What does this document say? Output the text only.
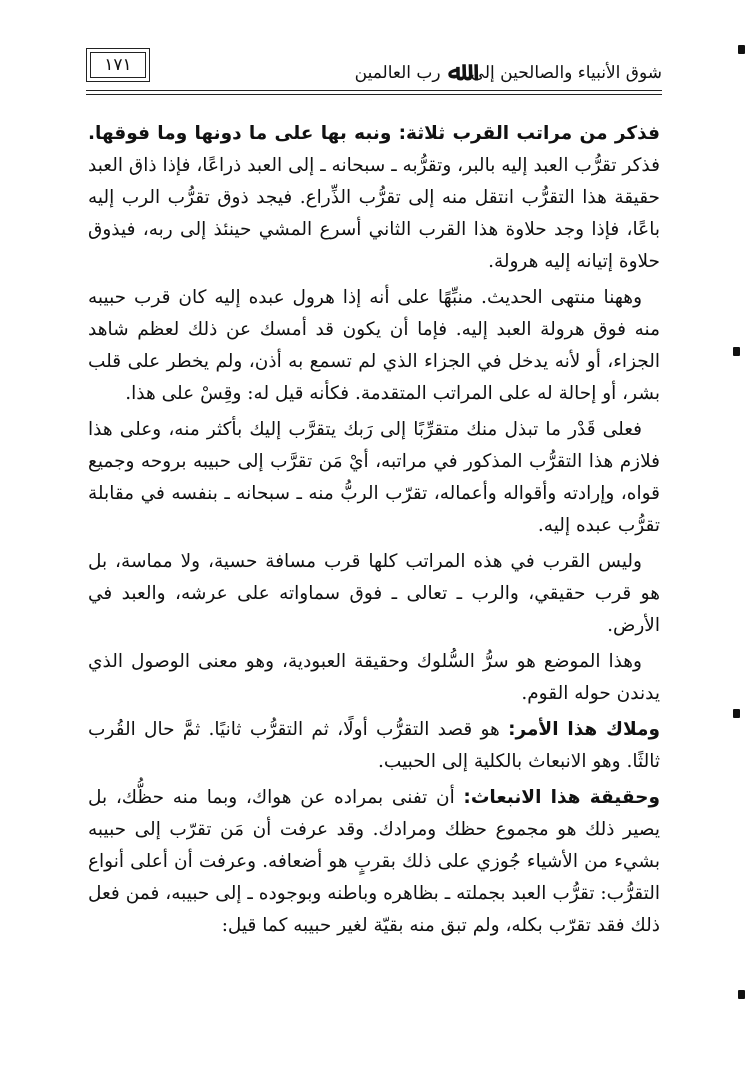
شوق الأنبياء والصالحين إلى ﷲ رب العالمين
١٧١

فذكر من مراتب القرب ثلاثة: ونبه بها على ما دونها وما فوقها. فذكر تقرُّب العبد إليه بالبر، وتقرُّبه ـ سبحانه ـ إلى العبد ذراعًا، فإذا ذاق العبد حقيقة هذا التقرُّب انتقل منه إلى تقرُّب الذِّراع. فيجد ذوق تقرُّب الرب إليه باعًا، فإذا وجد حلاوة هذا القرب الثاني أسرع المشي حينئذ إلى ربه، فيذوق حلاوة إتيانه إليه هرولة.

وههنا منتهى الحديث. منبِّهًا على أنه إذا هرول عبده إليه كان قرب حبيبه منه فوق هرولة العبد إليه. فإما أن يكون قد أمسك عن ذلك لعظم شاهد الجزاء، أو لأنه يدخل في الجزاء الذي لم تسمع به أذن، ولم يخطر على قلب بشر، أو إحالة له على المراتب المتقدمة. فكأنه قيل له: وقِسْ على هذا.

فعلى قَدْر ما تبذل منك متقرِّبًا إلى رَبك يتقرَّب إليك بأكثر منه، وعلى هذا فلازم هذا التقرُّب المذكور في مراتبه، أيْ مَن تقرَّب إلى حبيبه بروحه وجميع قواه، وإرادته وأقواله وأعماله، تقرّب الربُّ منه ـ سبحانه ـ بنفسه في مقابلة تقرُّب عبده إليه.

وليس القرب في هذه المراتب كلها قرب مسافة حسية، ولا مماسة، بل هو قرب حقيقي، والرب ـ تعالى ـ فوق سماواته على عرشه، والعبد في الأرض.

وهذا الموضع هو سرُّ السُّلوك وحقيقة العبودية، وهو معنى الوصول الذي يدندن حوله القوم.

وملاك هذا الأمر: هو قصد التقرُّب أولًا، ثم التقرُّب ثانيًا. ثمَّ حال القُرب ثالثًا. وهو الانبعاث بالكلية إلى الحبيب.

وحقيقة هذا الانبعاث: أن تفنى بمراده عن هواك، وبما منه حظُّك، بل يصير ذلك هو مجموع حظك ومرادك. وقد عرفت أن مَن تقرّب إلى حبيبه بشيء من الأشياء جُوزي على ذلك بقربٍ هو أضعافه. وعرفت أن أعلى أنواع التقرُّب: تقرُّب العبد بجملته ـ بظاهره وباطنه وبوجوده ـ إلى حبيبه، فمن فعل ذلك فقد تقرّب بكله، ولم تبق منه بقيّة لغير حبيبه كما قيل:
